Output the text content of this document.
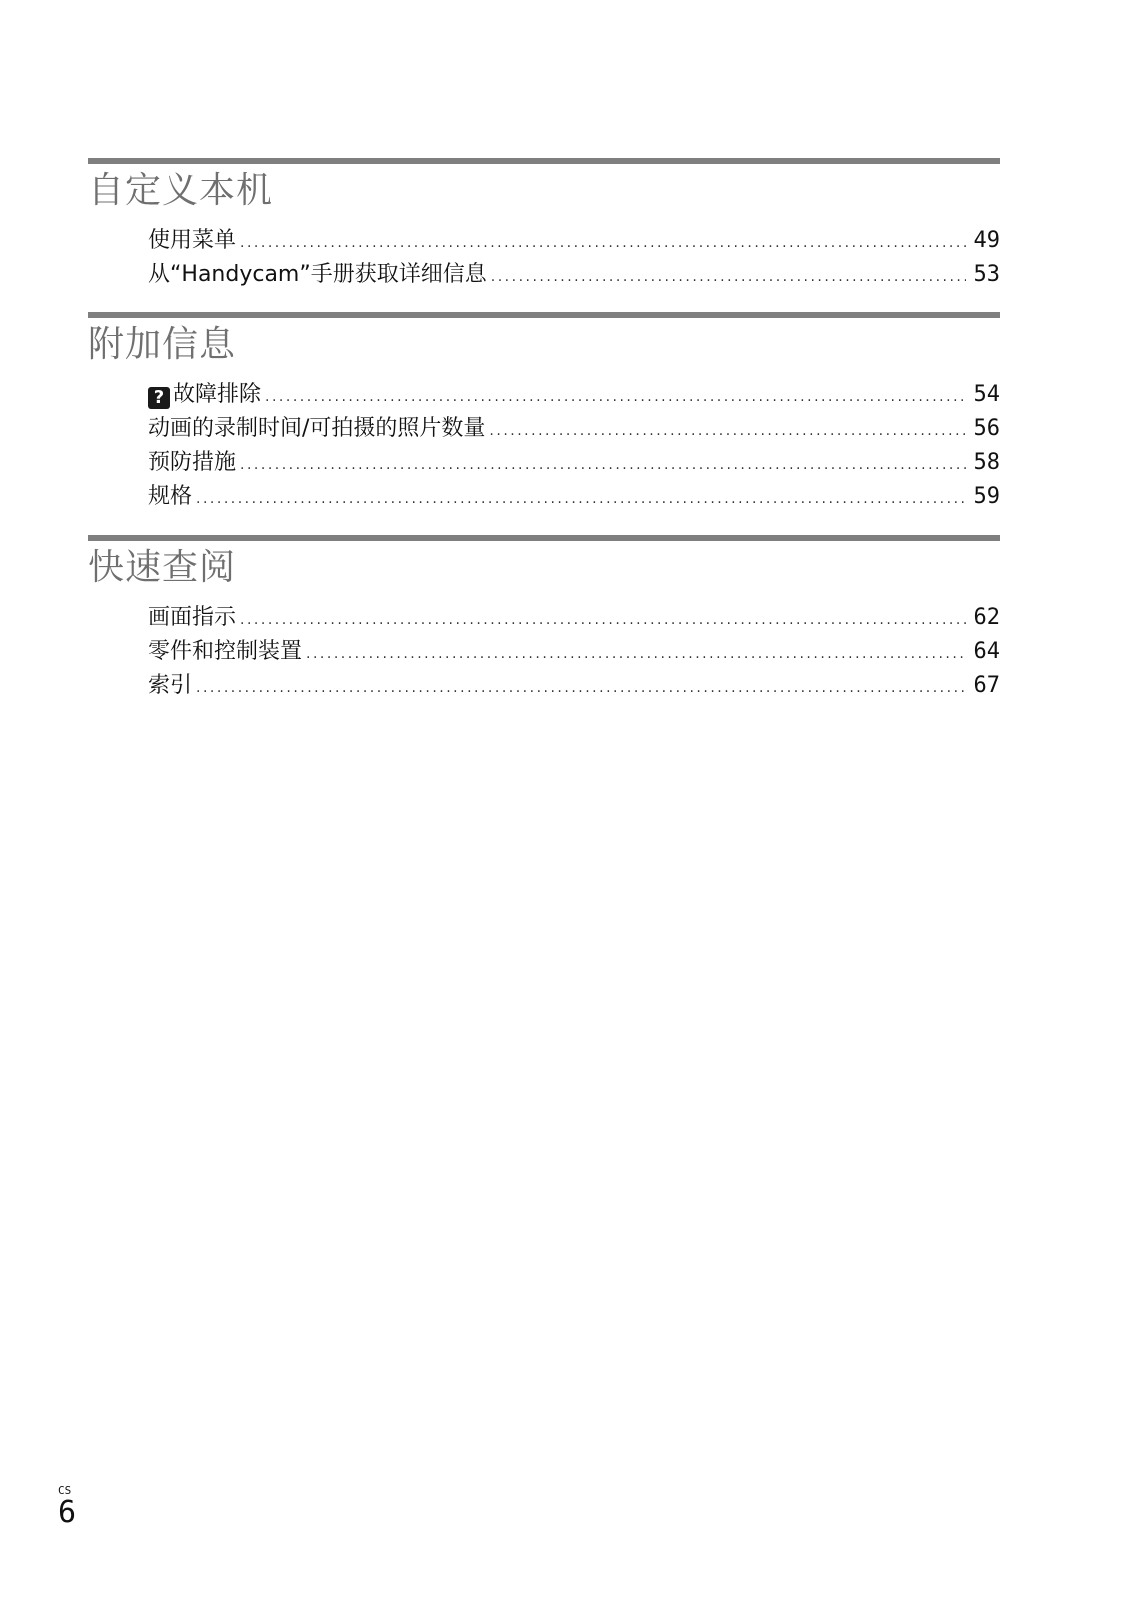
自定义本机
使用菜单 .....	49
从“Handycam”手册获取详细信息 .....	53
附加信息
? 故障排除 .....	54
动画的录制时间/可拍摄的照片数量 .....	56
预防措施 .....	58
规格 .....	59
快速查阅
画面指示 .....	62
零件和控制装置 .....	64
索引 .....	67
CS
6
